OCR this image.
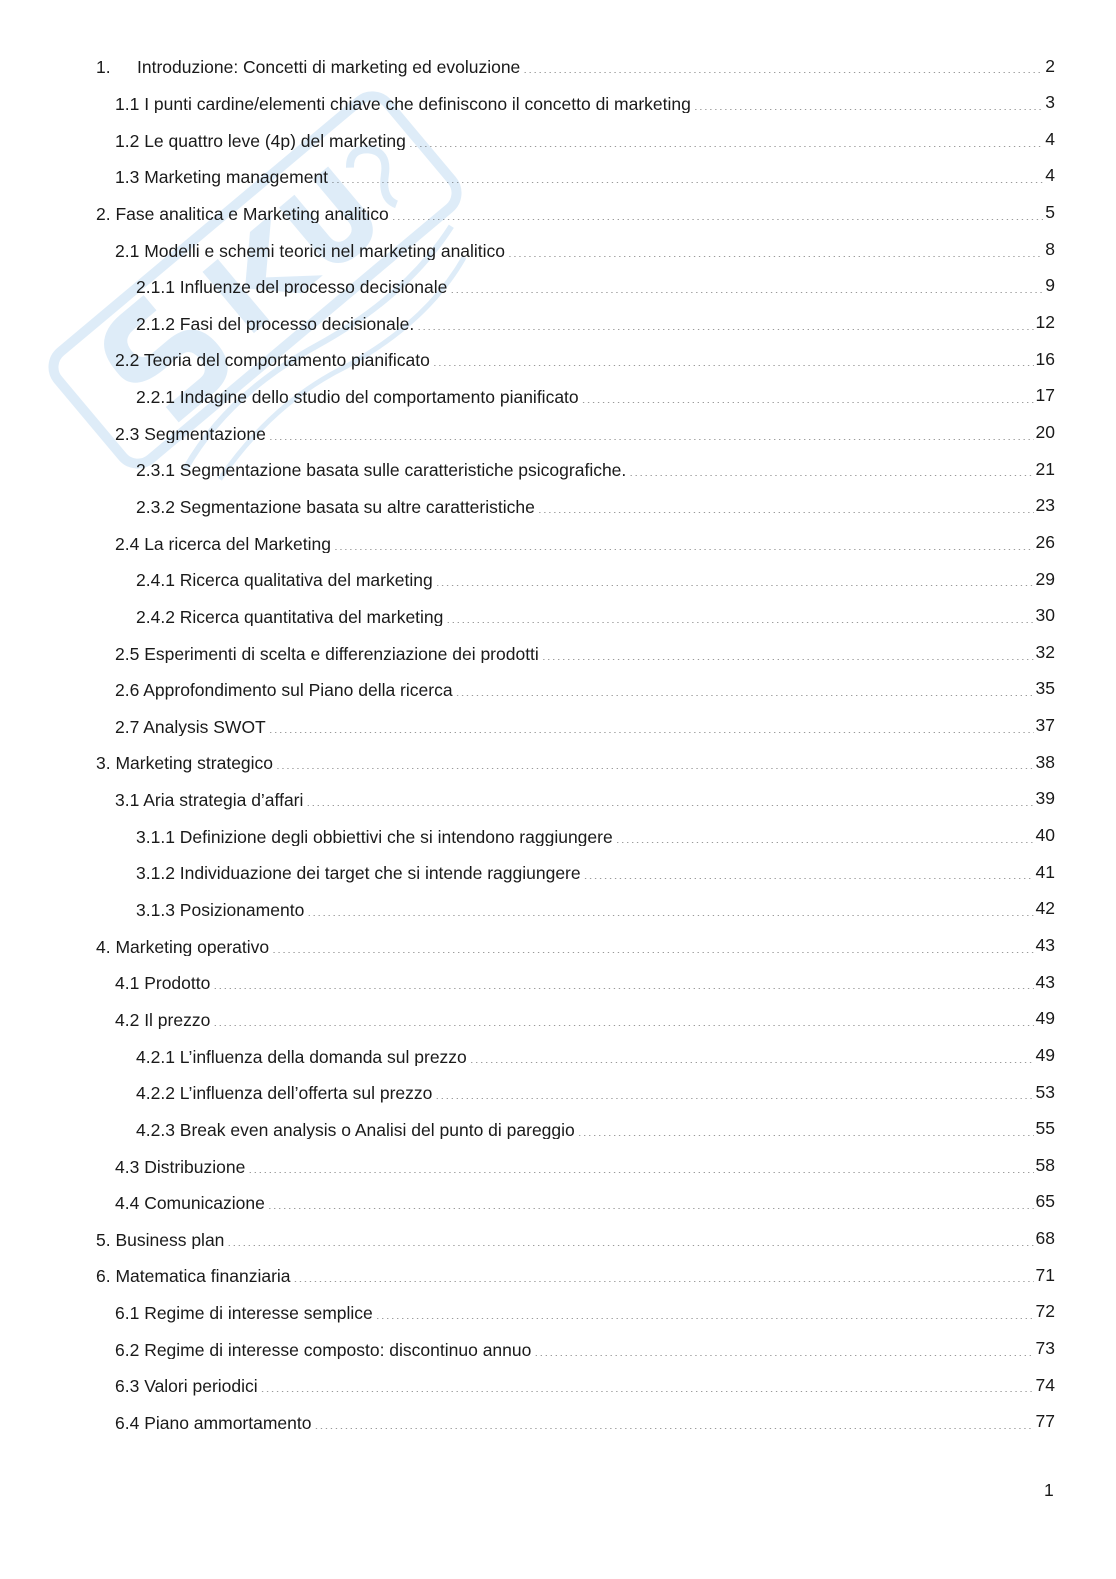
1.	Introduzione: Concetti di marketing ed evoluzione .....	2
1.1 I punti cardine/elementi chiave che definiscono il concetto di marketing .....	3
1.2 Le quattro leve (4p) del marketing .....	4
1.3 Marketing management .....	4
2. Fase analitica e Marketing analitico .....	5
2.1 Modelli e schemi teorici nel marketing analitico .....	8
2.1.1 Influenze del processo decisionale .....	9
2.1.2 Fasi del processo decisionale. .....	12
2.2 Teoria del comportamento pianificato .....	16
2.2.1 Indagine dello studio del comportamento pianificato .....	17
2.3 Segmentazione .....	20
2.3.1 Segmentazione basata sulle caratteristiche psicografiche. .....	21
2.3.2 Segmentazione basata su altre caratteristiche .....	23
2.4 La ricerca del Marketing .....	26
2.4.1 Ricerca qualitativa del marketing .....	29
2.4.2 Ricerca quantitativa del marketing .....	30
2.5 Esperimenti di scelta e differenziazione dei prodotti .....	32
2.6 Approfondimento sul Piano della ricerca .....	35
2.7 Analysis SWOT .....	37
3. Marketing strategico .....	38
3.1 Aria strategia d’affari .....	39
3.1.1 Definizione degli obbiettivi che si intendono raggiungere .....	40
3.1.2 Individuazione dei target che si intende raggiungere .....	41
3.1.3 Posizionamento .....	42
4. Marketing operativo .....	43
4.1 Prodotto .....	43
4.2 Il prezzo .....	49
4.2.1 L’influenza della domanda sul prezzo .....	49
4.2.2 L’influenza dell’offerta sul prezzo .....	53
4.2.3 Break even analysis o Analisi del punto di pareggio .....	55
4.3 Distribuzione .....	58
4.4 Comunicazione .....	65
5. Business plan .....	68
6. Matematica finanziaria .....	71
6.1 Regime di interesse semplice .....	72
6.2 Regime di interesse composto: discontinuo annuo .....	73
6.3 Valori periodici .....	74
6.4 Piano ammortamento .....	77
1
